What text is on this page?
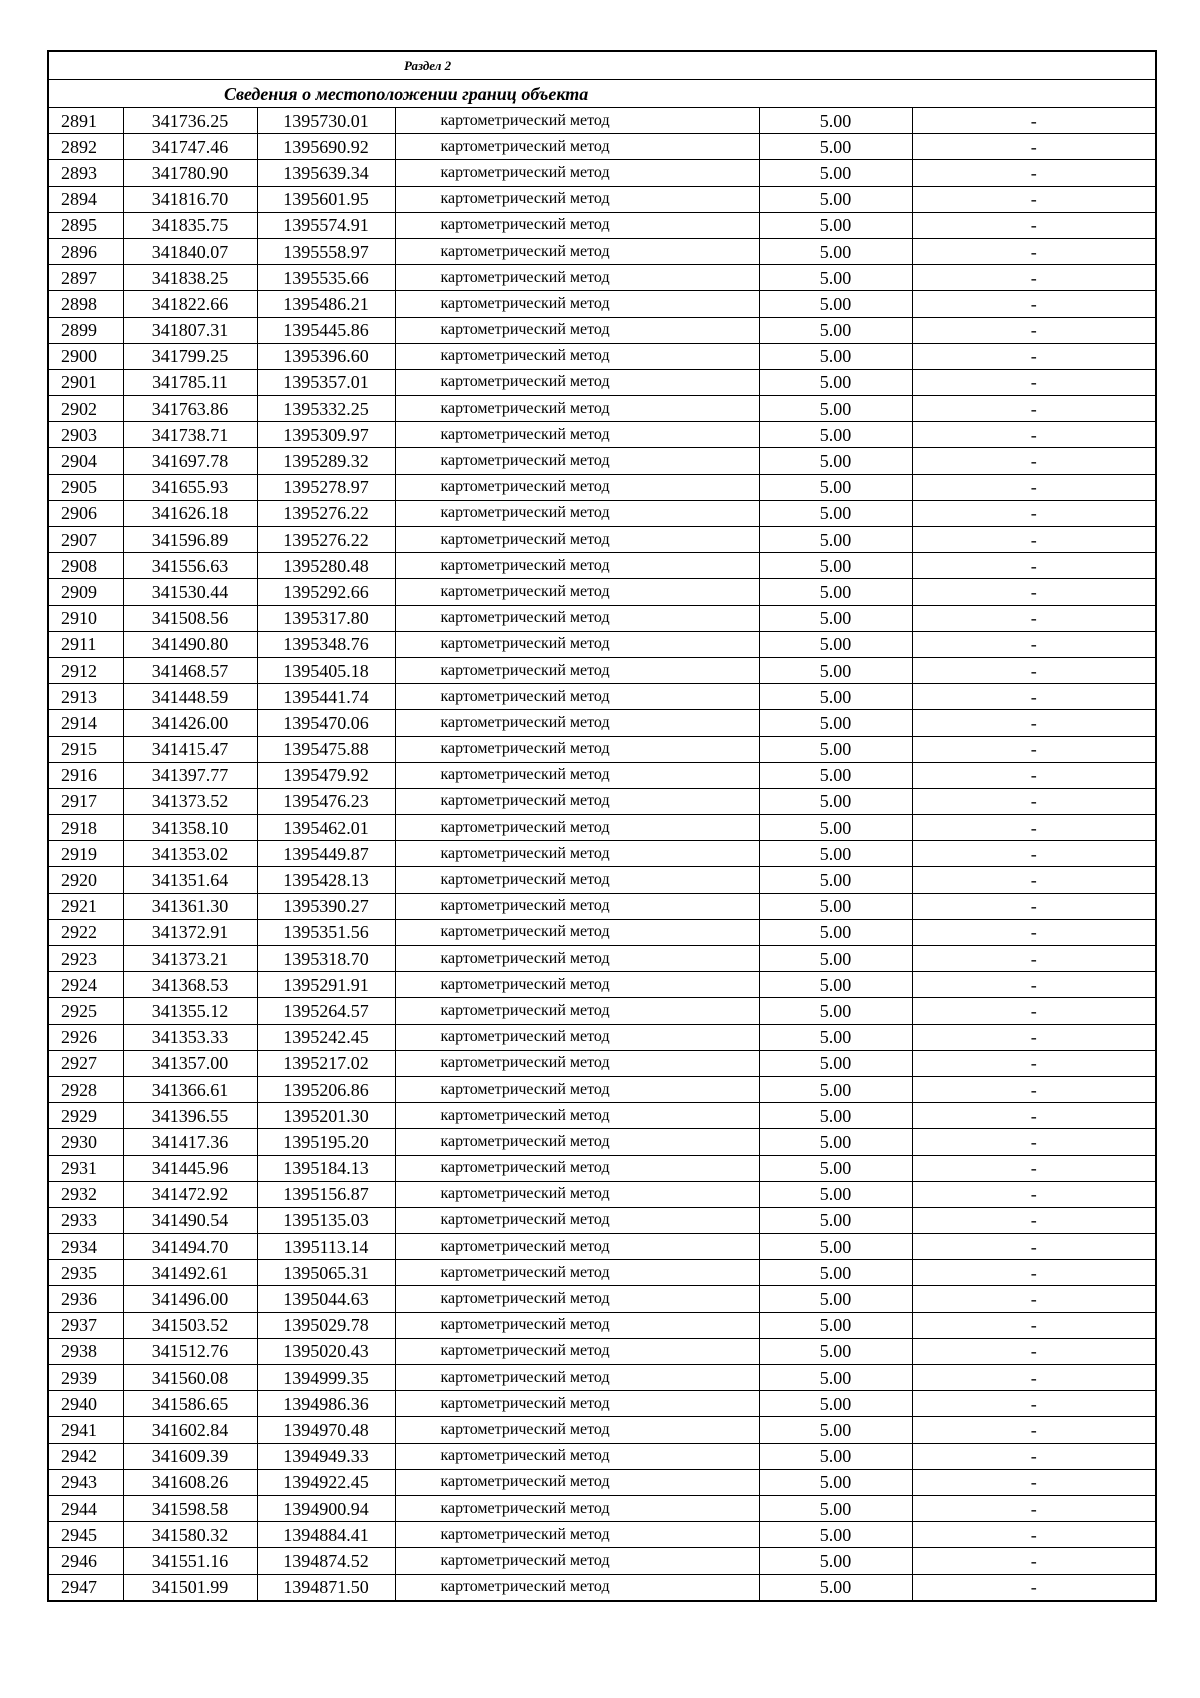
Раздел 2					
Сведения о местоположении границ объекта					
2891	341736.25	1395730.01	картометрический метод	5.00	-
2892	341747.46	1395690.92	картометрический метод	5.00	-
2893	341780.90	1395639.34	картометрический метод	5.00	-
2894	341816.70	1395601.95	картометрический метод	5.00	-
2895	341835.75	1395574.91	картометрический метод	5.00	-
2896	341840.07	1395558.97	картометрический метод	5.00	-
2897	341838.25	1395535.66	картометрический метод	5.00	-
2898	341822.66	1395486.21	картометрический метод	5.00	-
2899	341807.31	1395445.86	картометрический метод	5.00	-
2900	341799.25	1395396.60	картометрический метод	5.00	-
2901	341785.11	1395357.01	картометрический метод	5.00	-
2902	341763.86	1395332.25	картометрический метод	5.00	-
2903	341738.71	1395309.97	картометрический метод	5.00	-
2904	341697.78	1395289.32	картометрический метод	5.00	-
2905	341655.93	1395278.97	картометрический метод	5.00	-
2906	341626.18	1395276.22	картометрический метод	5.00	-
2907	341596.89	1395276.22	картометрический метод	5.00	-
2908	341556.63	1395280.48	картометрический метод	5.00	-
2909	341530.44	1395292.66	картометрический метод	5.00	-
2910	341508.56	1395317.80	картометрический метод	5.00	-
2911	341490.80	1395348.76	картометрический метод	5.00	-
2912	341468.57	1395405.18	картометрический метод	5.00	-
2913	341448.59	1395441.74	картометрический метод	5.00	-
2914	341426.00	1395470.06	картометрический метод	5.00	-
2915	341415.47	1395475.88	картометрический метод	5.00	-
2916	341397.77	1395479.92	картометрический метод	5.00	-
2917	341373.52	1395476.23	картометрический метод	5.00	-
2918	341358.10	1395462.01	картометрический метод	5.00	-
2919	341353.02	1395449.87	картометрический метод	5.00	-
2920	341351.64	1395428.13	картометрический метод	5.00	-
2921	341361.30	1395390.27	картометрический метод	5.00	-
2922	341372.91	1395351.56	картометрический метод	5.00	-
2923	341373.21	1395318.70	картометрический метод	5.00	-
2924	341368.53	1395291.91	картометрический метод	5.00	-
2925	341355.12	1395264.57	картометрический метод	5.00	-
2926	341353.33	1395242.45	картометрический метод	5.00	-
2927	341357.00	1395217.02	картометрический метод	5.00	-
2928	341366.61	1395206.86	картометрический метод	5.00	-
2929	341396.55	1395201.30	картометрический метод	5.00	-
2930	341417.36	1395195.20	картометрический метод	5.00	-
2931	341445.96	1395184.13	картометрический метод	5.00	-
2932	341472.92	1395156.87	картометрический метод	5.00	-
2933	341490.54	1395135.03	картометрический метод	5.00	-
2934	341494.70	1395113.14	картометрический метод	5.00	-
2935	341492.61	1395065.31	картометрический метод	5.00	-
2936	341496.00	1395044.63	картометрический метод	5.00	-
2937	341503.52	1395029.78	картометрический метод	5.00	-
2938	341512.76	1395020.43	картометрический метод	5.00	-
2939	341560.08	1394999.35	картометрический метод	5.00	-
2940	341586.65	1394986.36	картометрический метод	5.00	-
2941	341602.84	1394970.48	картометрический метод	5.00	-
2942	341609.39	1394949.33	картометрический метод	5.00	-
2943	341608.26	1394922.45	картометрический метод	5.00	-
2944	341598.58	1394900.94	картометрический метод	5.00	-
2945	341580.32	1394884.41	картометрический метод	5.00	-
2946	341551.16	1394874.52	картометрический метод	5.00	-
2947	341501.99	1394871.50	картометрический метод	5.00	-
